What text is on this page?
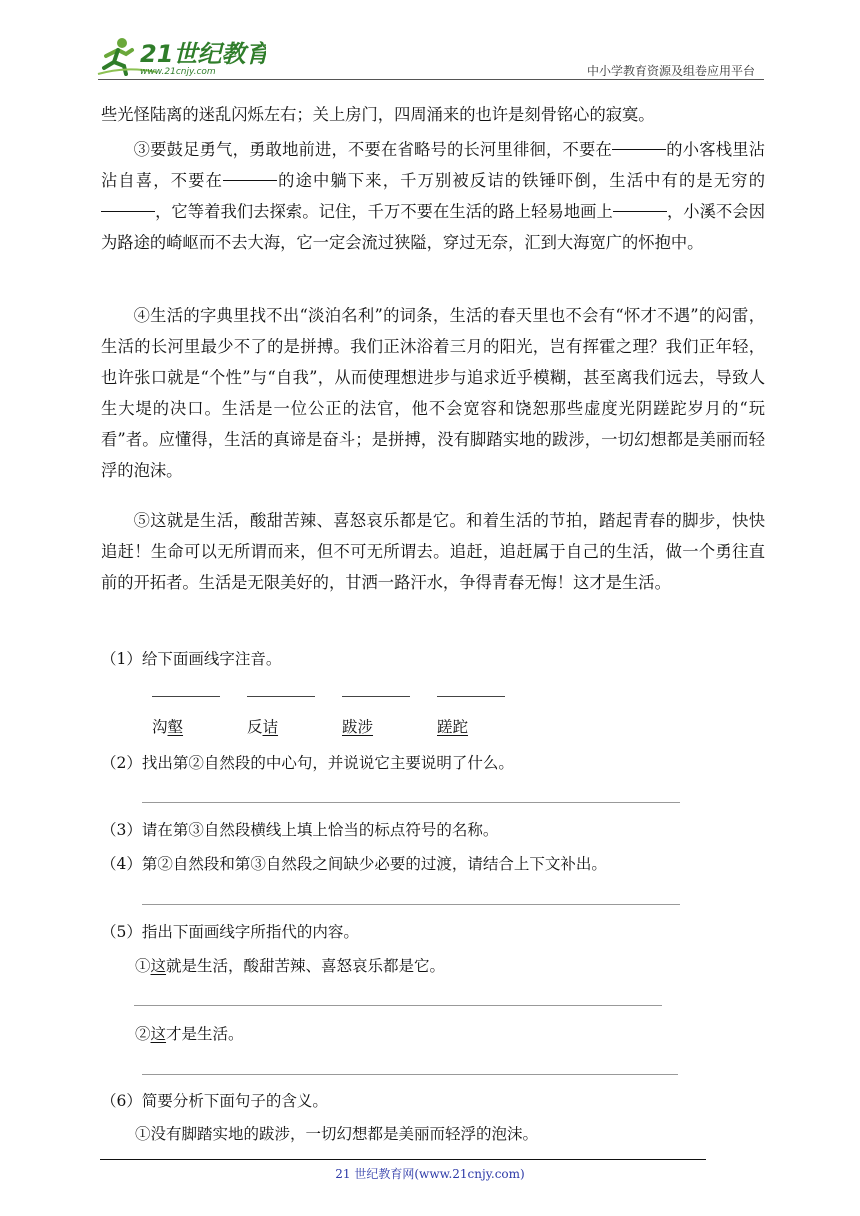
21世纪教育
www.21cnjy.com	中小学教育资源及组卷应用平台

些光怪陆离的迷乱闪烁左右；关上房门，四周涌来的也许是刻骨铭心的寂寞。

③要鼓足勇气，勇敢地前进，不要在省略号的长河里徘徊，不要在	的小客栈里沾沾自喜，不要在	的途中躺下来，千万别被反诘的铁锤吓倒，生活中有的是无穷的，它等着我们去探索。记住，千万不要在生活的路上轻易地画上	，小溪不会因为路途的崎岖而不去大海，它一定会流过狭隘，穿过无奈，汇到大海宽广的怀抱中。

④生活的字典里找不出“淡泊名利”的词条，生活的春天里也不会有“怀才不遇”的闷雷，生活的长河里最少不了的是拼搏。我们正沐浴着三月的阳光，岂有挥霍之理？我们正年轻，也许张口就是“个性”与“自我”，从而使理想进步与追求近乎模糊，甚至离我们远去，导致人生大堤的决口。生活是一位公正的法官，他不会宽容和饶恕那些虚度光阴蹉跎岁月的“玩看”者。应懂得，生活的真谛是奋斗；是拼搏，没有脚踏实地的跋涉，一切幻想都是美丽而轻浮的泡沫。

⑤这就是生活，酸甜苦辣、喜怒哀乐都是它。和着生活的节拍，踏起青春的脚步，快快追赶！生命可以无所谓而来，但不可无所谓去。追赶，追赶属于自己的生活，做一个勇往直前的开拓者。生活是无限美好的，甘洒一路汗水，争得青春无悔！这才是生活。

（1）给下面画线字注音。

沟壑	反诘	跋涉	蹉跎

（2）找出第②自然段的中心句，并说说它主要说明了什么。

（3）请在第③自然段横线上填上恰当的标点符号的名称。

（4）第②自然段和第③自然段之间缺少必要的过渡，请结合上下文补出。

（5）指出下面画线字所指代的内容。

①这就是生活，酸甜苦辣、喜怒哀乐都是它。

②这才是生活。

（6）简要分析下面句子的含义。

①没有脚踏实地的跋涉，一切幻想都是美丽而轻浮的泡沫。

21 世纪教育网(www.21cnjy.com)
